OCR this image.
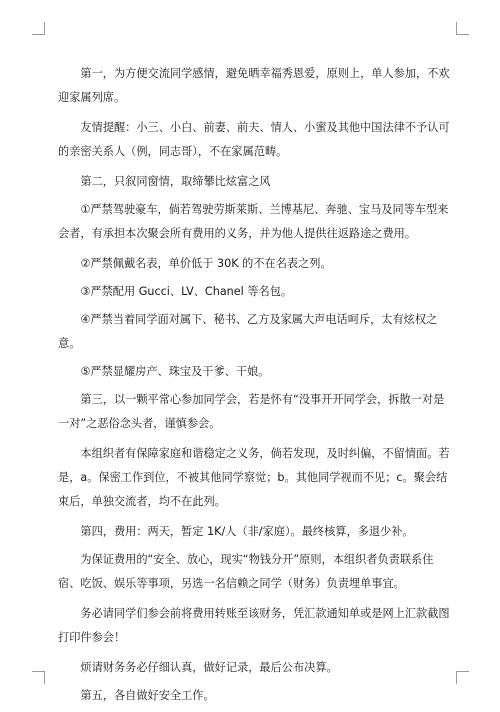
第一，为方便交流同学感情，避免晒幸福秀恩爱，原则上，单人参加，不欢迎家属列席。

友情提醒：小三、小白、前妻、前夫、情人、小蜜及其他中国法律不予认可的亲密关系人（例，同志哥），不在家属范畴。

第二，只叙同窗情，取缔攀比炫富之风

①严禁驾驶豪车，倘若驾驶劳斯莱斯、兰博基尼、奔驰、宝马及同等车型来会者，有承担本次聚会所有费用的义务，并为他人提供往返路途之费用。

②严禁佩戴名表，单价低于 30K 的不在名表之列。

③严禁配用 Gucci、LV、Chanel 等名包。

④严禁当着同学面对属下、秘书、乙方及家属大声电话呵斥，太有炫权之意。

⑤严禁显耀房产、珠宝及干爹、干娘。

第三，以一颗平常心参加同学会，若是怀有“没事开开同学会，拆散一对是一对”之恶俗念头者，谨慎参会。

本组织者有保障家庭和谐稳定之义务，倘若发现，及时纠偏，不留情面。若是，a。保密工作到位，不被其他同学察觉；b。其他同学视而不见；c。聚会结束后，单独交流者，均不在此列。

第四，费用：两天，暂定 1K/人（非/家庭）。最终核算，多退少补。

为保证费用的“安全、放心，现实“物钱分开”原则，本组织者负责联系住宿、吃饭、娱乐等事项，另选一名信赖之同学（财务）负责埋单事宜。

务必请同学们参会前将费用转账至该财务，凭汇款通知单或是网上汇款截图打印件参会！

烦请财务务必仔细认真，做好记录，最后公布决算。

第五，各自做好安全工作。
